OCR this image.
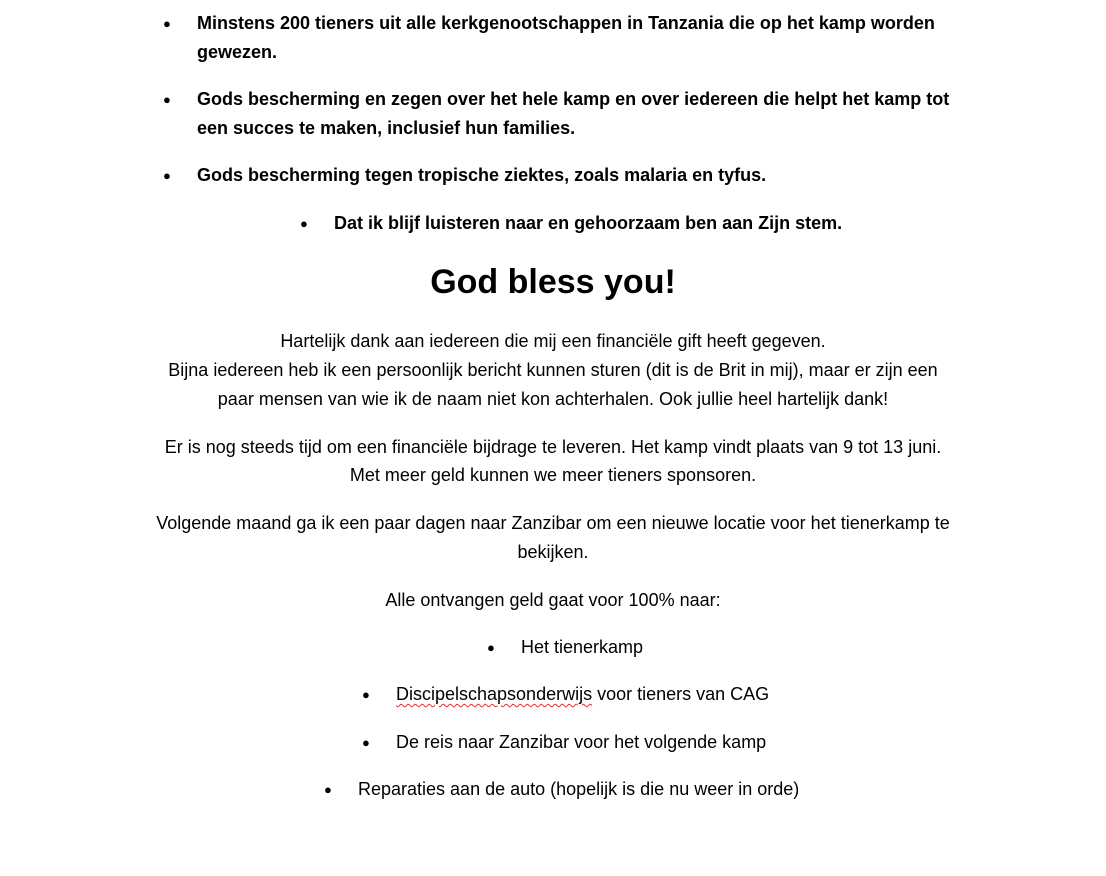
● Minstens 200 tieners uit alle kerkgenootschappen in Tanzania die op het kamp worden
gewezen.
● Gods bescherming en zegen over het hele kamp en over iedereen die helpt het kamp tot
een succes te maken, inclusief hun families.
● Gods bescherming tegen tropische ziektes, zoals malaria en tyfus.
● Dat ik blijf luisteren naar en gehoorzaam ben aan Zijn stem.
God bless you!
Hartelijk dank aan iedereen die mij een financiële gift heeft gegeven.
Bijna iedereen heb ik een persoonlijk bericht kunnen sturen (dit is de Brit in mij), maar er zijn een
paar mensen van wie ik de naam niet kon achterhalen. Ook jullie heel hartelijk dank!
Er is nog steeds tijd om een financiële bijdrage te leveren. Het kamp vindt plaats van 9 tot 13 juni.
Met meer geld kunnen we meer tieners sponsoren.
Volgende maand ga ik een paar dagen naar Zanzibar om een nieuwe locatie voor het tienerkamp te
bekijken.
Alle ontvangen geld gaat voor 100% naar:
● Het tienerkamp
● Discipelschapsonderwijs voor tieners van CAG
● De reis naar Zanzibar voor het volgende kamp
● Reparaties aan de auto (hopelijk is die nu weer in orde)
